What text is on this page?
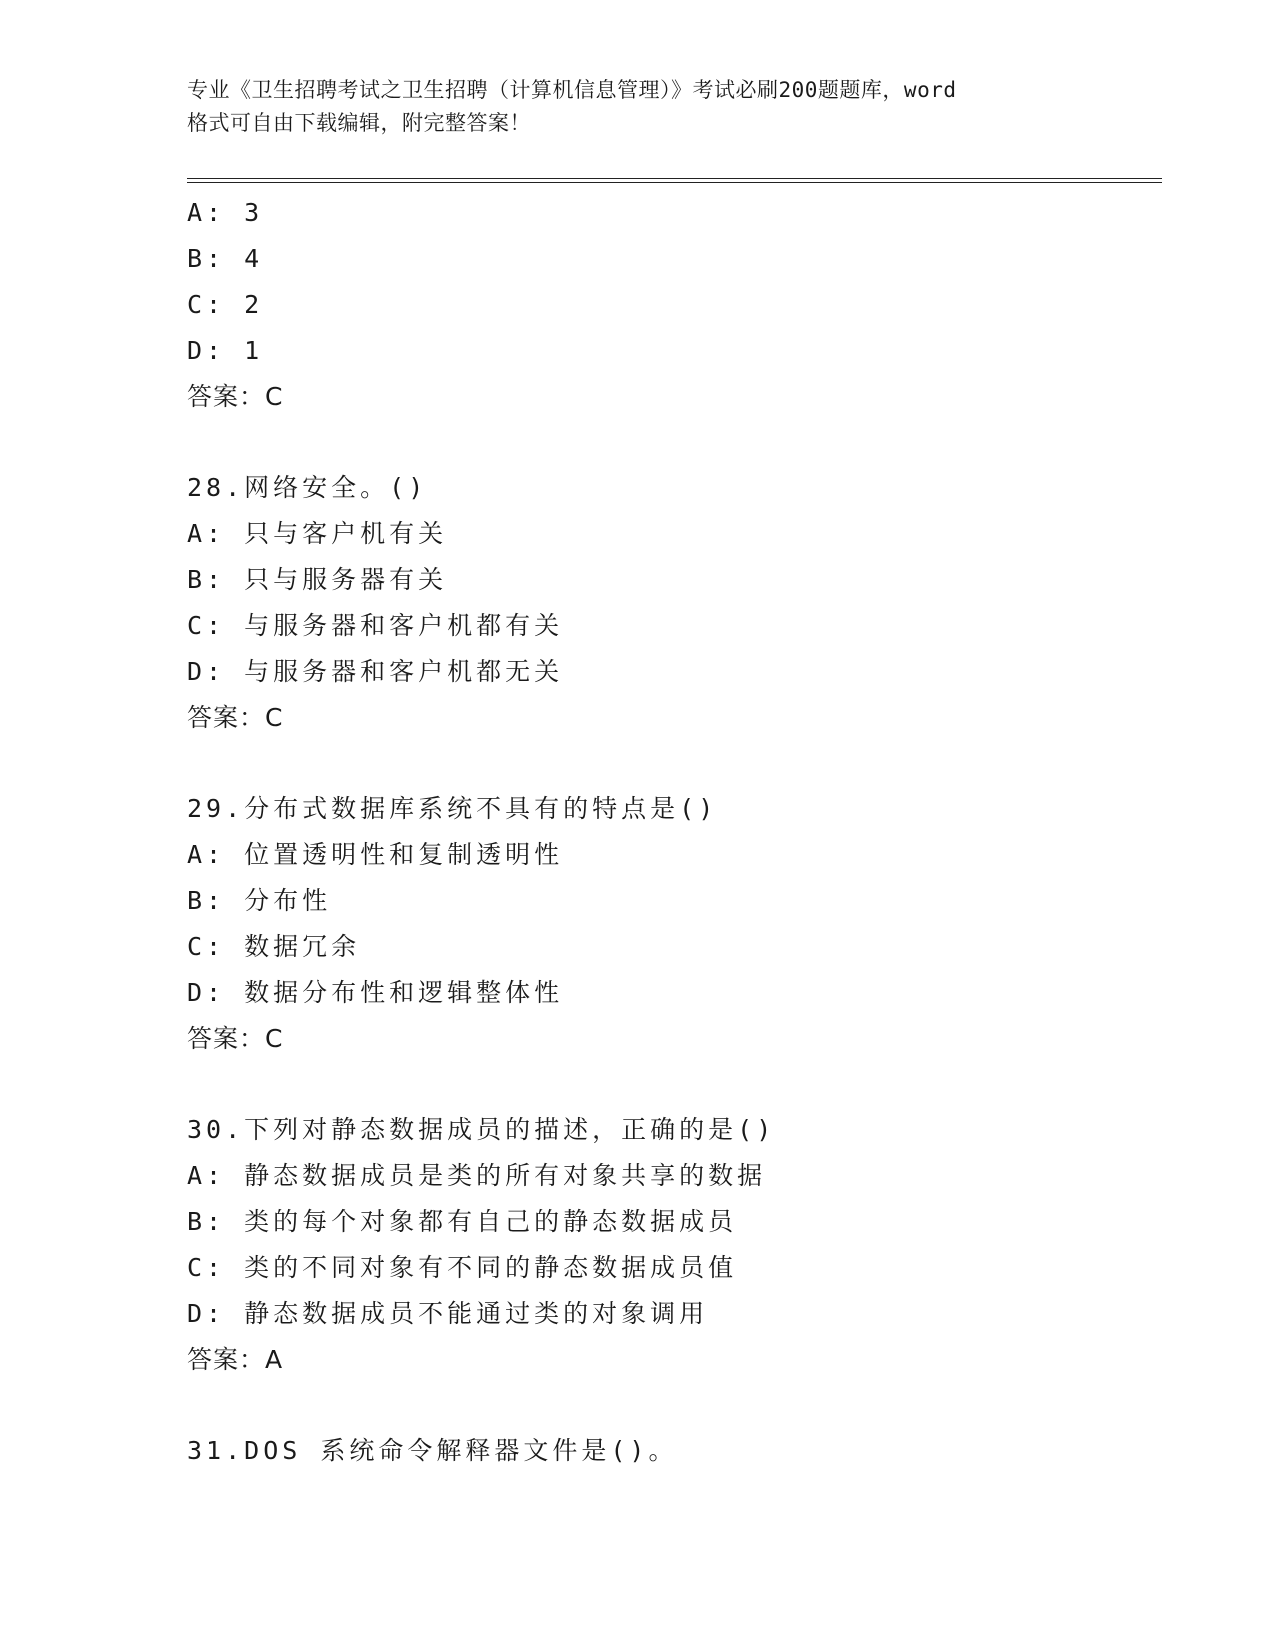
专业《卫生招聘考试之卫生招聘（计算机信息管理）》考试必刷200题题库，word
格式可自由下载编辑，附完整答案！
A: 3
B: 4
C: 2
D: 1
答案：C
28.网络安全。()
A: 只与客户机有关
B: 只与服务器有关
C: 与服务器和客户机都有关
D: 与服务器和客户机都无关
答案：C
29.分布式数据库系统不具有的特点是()
A: 位置透明性和复制透明性
B: 分布性
C: 数据冗余
D: 数据分布性和逻辑整体性
答案：C
30.下列对静态数据成员的描述，正确的是()
A: 静态数据成员是类的所有对象共享的数据
B: 类的每个对象都有自己的静态数据成员
C: 类的不同对象有不同的静态数据成员值
D: 静态数据成员不能通过类的对象调用
答案：A
31.DOS 系统命令解释器文件是()。
